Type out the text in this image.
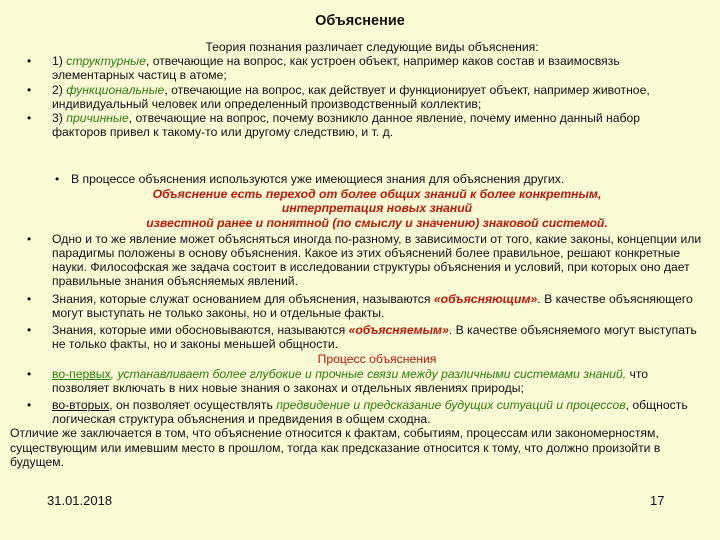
Объяснение
Теория познания различает следующие виды объяснения:
• 1) структурные, отвечающие на вопрос, как устроен объект, например каков состав и взаимосвязь элементарных частиц в атоме;
• 2) функциональные, отвечающие на вопрос, как действует и функционирует объект, например животное, индивидуальный человек или определенный производственный коллектив;
• 3) причинные, отвечающие на вопрос, почему возникло данное явление, почему именно данный набор факторов привел к такому-то или другому следствию, и т. д.
• В процессе объяснения используются уже имеющиеся знания для объяснения других.
Объяснение есть переход от более общих знаний к более конкретным,
интерпретация новых знаний
известной ранее и понятной (по смыслу и значению) знаковой системой.
• Одно и то же явление может объясняться иногда по-разному, в зависимости от того, какие законы, концепции или парадигмы положены в основу объяснения. Какое из этих объяснений более правильное, решают конкретные науки. Философская же задача состоит в исследовании структуры объяснения и условий, при которых оно дает правильные знания объясняемых явлений.
• Знания, которые служат основанием для объяснения, называются «объясняющим». В качестве объясняющего могут выступать не только законы, но и отдельные факты.
• Знания, которые ими обосновываются, называются «объясняемым». В качестве объясняемого могут выступать не только факты, но и законы меньшей общности.
Процесс объяснения
• во-первых, устанавливает более глубокие и прочные связи между различными системами знаний, что позволяет включать в них новые знания о законах и отдельных явлениях природы;
• во-вторых, он позволяет осуществлять предвидение и предсказание будущих ситуаций и процессов, общность логическая структура объяснения и предвидения в общем сходна.
Отличие же заключается в том, что объяснение относится к фактам, событиям, процессам или закономерностям, существующим или имевшим место в прошлом, тогда как предсказание относится к тому, что должно произойти в будущем.
31.01.2018	17
